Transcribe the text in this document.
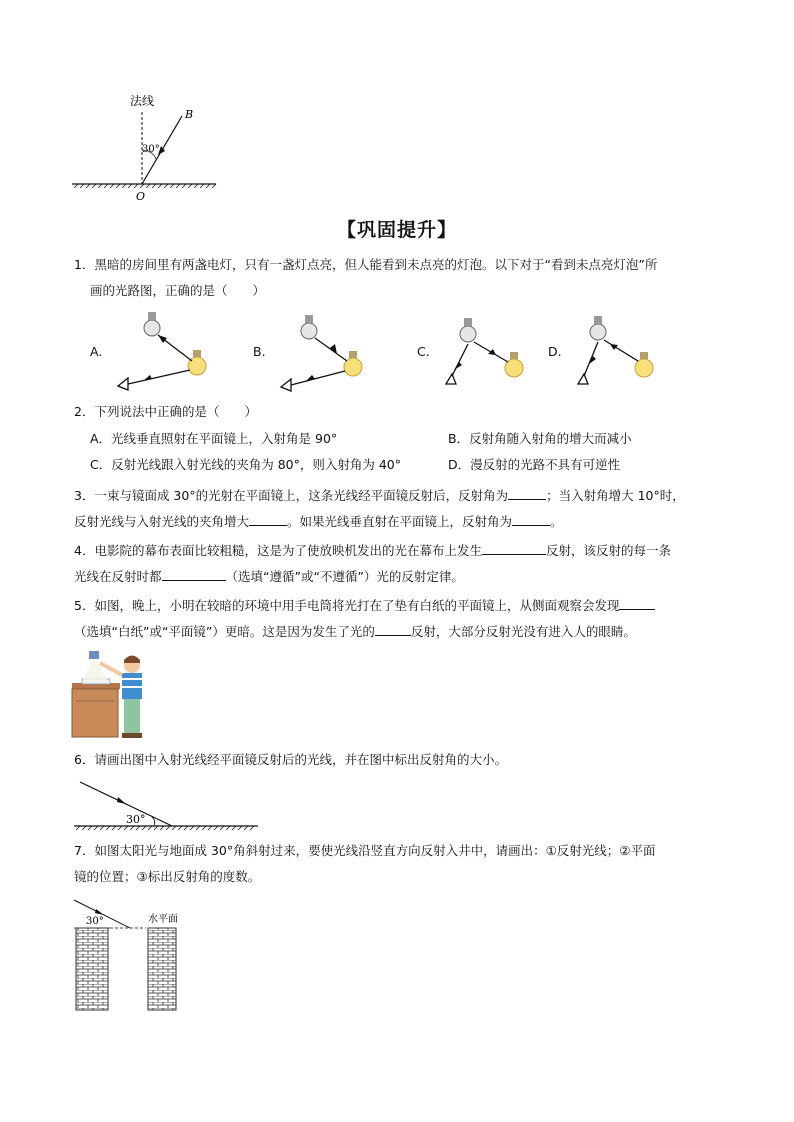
法线
B
30°
O
【巩固提升】
1．黑暗的房间里有两盏电灯，只有一盏灯点亮，但人能看到未点亮的灯泡。以下对于“看到未点亮灯泡”所
画的光路图，正确的是（　　）
A.	B.	C.	D.
2．下列说法中正确的是（　　）
A．光线垂直照射在平面镜上，入射角是 90°	B．反射角随入射角的增大而减小
C．反射光线跟入射光线的夹角为 80°，则入射角为 40°	D．漫反射的光路不具有可逆性
3．一束与镜面成 30°的光射在平面镜上，这条光线经平面镜反射后，反射角为	；当入射角增大 10°时，
反射光线与入射光线的夹角增大	。如果光线垂直射在平面镜上，反射角为	。
4．电影院的幕布表面比较粗糙，这是为了使放映机发出的光在幕布上发生	反射，该反射的每一条
光线在反射时都	（选填“遵循”或“不遵循”）光的反射定律。
5．如图，晚上，小明在较暗的环境中用手电筒将光打在了垫有白纸的平面镜上，从侧面观察会发现
（选填“白纸”或“平面镜”）更暗。这是因为发生了光的	反射，大部分反射光没有进入人的眼睛。
6．请画出图中入射光线经平面镜反射后的光线，并在图中标出反射角的大小。
30°
7．如图太阳光与地面成 30°角斜射过来，要使光线沿竖直方向反射入井中，请画出：①反射光线；②平面
镜的位置；③标出反射角的度数。
30°	水平面
